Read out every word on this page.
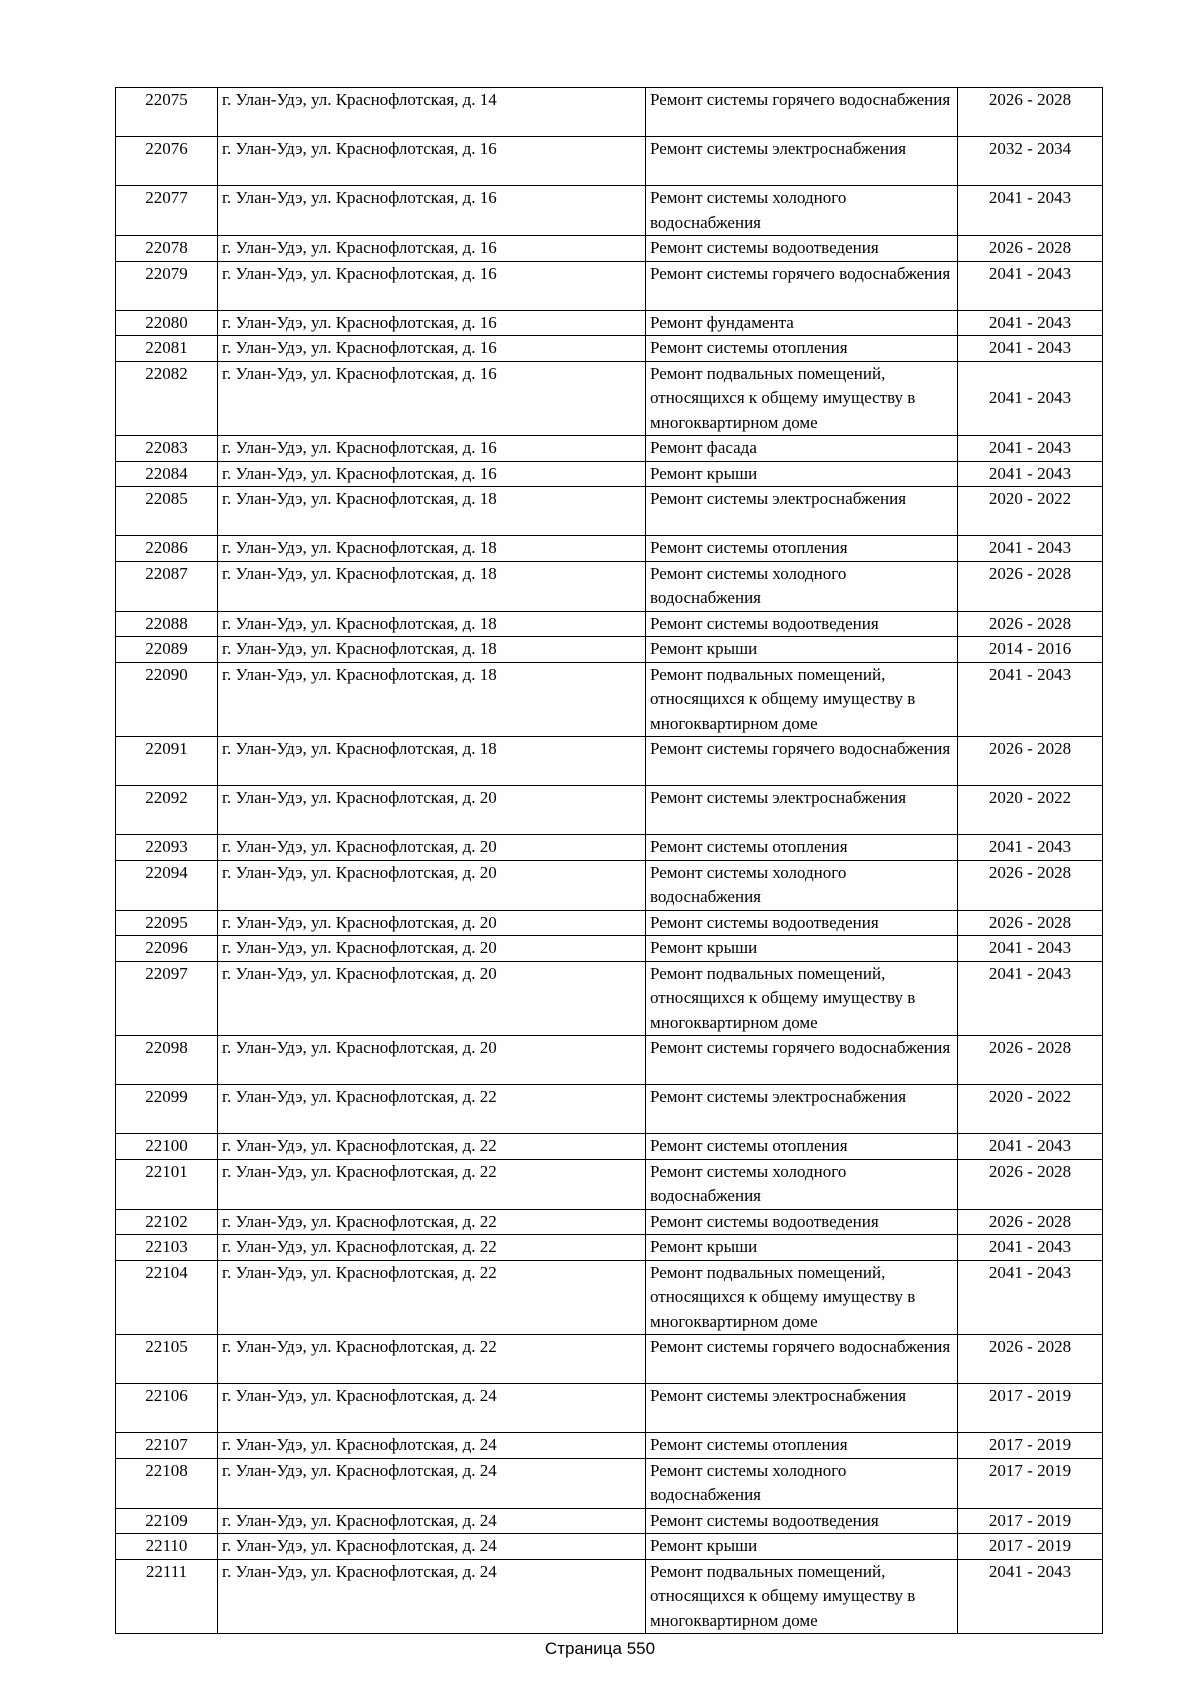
22075	г. Улан-Удэ, ул. Краснофлотская, д. 14	Ремонт системы горячего водоснабжения	2026 - 2028
22076	г. Улан-Удэ, ул. Краснофлотская, д. 16	Ремонт системы электроснабжения	2032 - 2034
22077	г. Улан-Удэ, ул. Краснофлотская, д. 16	Ремонт системы холодного водоснабжения	2041 - 2043
22078	г. Улан-Удэ, ул. Краснофлотская, д. 16	Ремонт системы водоотведения	2026 - 2028
22079	г. Улан-Удэ, ул. Краснофлотская, д. 16	Ремонт системы горячего водоснабжения	2041 - 2043
22080	г. Улан-Удэ, ул. Краснофлотская, д. 16	Ремонт фундамента	2041 - 2043
22081	г. Улан-Удэ, ул. Краснофлотская, д. 16	Ремонт системы отопления	2041 - 2043
22082	г. Улан-Удэ, ул. Краснофлотская, д. 16	Ремонт подвальных помещений, относящихся к общему имуществу в многоквартирном доме	2041 - 2043
22083	г. Улан-Удэ, ул. Краснофлотская, д. 16	Ремонт фасада	2041 - 2043
22084	г. Улан-Удэ, ул. Краснофлотская, д. 16	Ремонт крыши	2041 - 2043
22085	г. Улан-Удэ, ул. Краснофлотская, д. 18	Ремонт системы электроснабжения	2020 - 2022
22086	г. Улан-Удэ, ул. Краснофлотская, д. 18	Ремонт системы отопления	2041 - 2043
22087	г. Улан-Удэ, ул. Краснофлотская, д. 18	Ремонт системы холодного водоснабжения	2026 - 2028
22088	г. Улан-Удэ, ул. Краснофлотская, д. 18	Ремонт системы водоотведения	2026 - 2028
22089	г. Улан-Удэ, ул. Краснофлотская, д. 18	Ремонт крыши	2014 - 2016
22090	г. Улан-Удэ, ул. Краснофлотская, д. 18	Ремонт подвальных помещений, относящихся к общему имуществу в многоквартирном доме	2041 - 2043
22091	г. Улан-Удэ, ул. Краснофлотская, д. 18	Ремонт системы горячего водоснабжения	2026 - 2028
22092	г. Улан-Удэ, ул. Краснофлотская, д. 20	Ремонт системы электроснабжения	2020 - 2022
22093	г. Улан-Удэ, ул. Краснофлотская, д. 20	Ремонт системы отопления	2041 - 2043
22094	г. Улан-Удэ, ул. Краснофлотская, д. 20	Ремонт системы холодного водоснабжения	2026 - 2028
22095	г. Улан-Удэ, ул. Краснофлотская, д. 20	Ремонт системы водоотведения	2026 - 2028
22096	г. Улан-Удэ, ул. Краснофлотская, д. 20	Ремонт крыши	2041 - 2043
22097	г. Улан-Удэ, ул. Краснофлотская, д. 20	Ремонт подвальных помещений, относящихся к общему имуществу в многоквартирном доме	2041 - 2043
22098	г. Улан-Удэ, ул. Краснофлотская, д. 20	Ремонт системы горячего водоснабжения	2026 - 2028
22099	г. Улан-Удэ, ул. Краснофлотская, д. 22	Ремонт системы электроснабжения	2020 - 2022
22100	г. Улан-Удэ, ул. Краснофлотская, д. 22	Ремонт системы отопления	2041 - 2043
22101	г. Улан-Удэ, ул. Краснофлотская, д. 22	Ремонт системы холодного водоснабжения	2026 - 2028
22102	г. Улан-Удэ, ул. Краснофлотская, д. 22	Ремонт системы водоотведения	2026 - 2028
22103	г. Улан-Удэ, ул. Краснофлотская, д. 22	Ремонт крыши	2041 - 2043
22104	г. Улан-Удэ, ул. Краснофлотская, д. 22	Ремонт подвальных помещений, относящихся к общему имуществу в многоквартирном доме	2041 - 2043
22105	г. Улан-Удэ, ул. Краснофлотская, д. 22	Ремонт системы горячего водоснабжения	2026 - 2028
22106	г. Улан-Удэ, ул. Краснофлотская, д. 24	Ремонт системы электроснабжения	2017 - 2019
22107	г. Улан-Удэ, ул. Краснофлотская, д. 24	Ремонт системы отопления	2017 - 2019
22108	г. Улан-Удэ, ул. Краснофлотская, д. 24	Ремонт системы холодного водоснабжения	2017 - 2019
22109	г. Улан-Удэ, ул. Краснофлотская, д. 24	Ремонт системы водоотведения	2017 - 2019
22110	г. Улан-Удэ, ул. Краснофлотская, д. 24	Ремонт крыши	2017 - 2019
22111	г. Улан-Удэ, ул. Краснофлотская, д. 24	Ремонт подвальных помещений, относящихся к общему имуществу в многоквартирном доме	2041 - 2043
Страница 550
